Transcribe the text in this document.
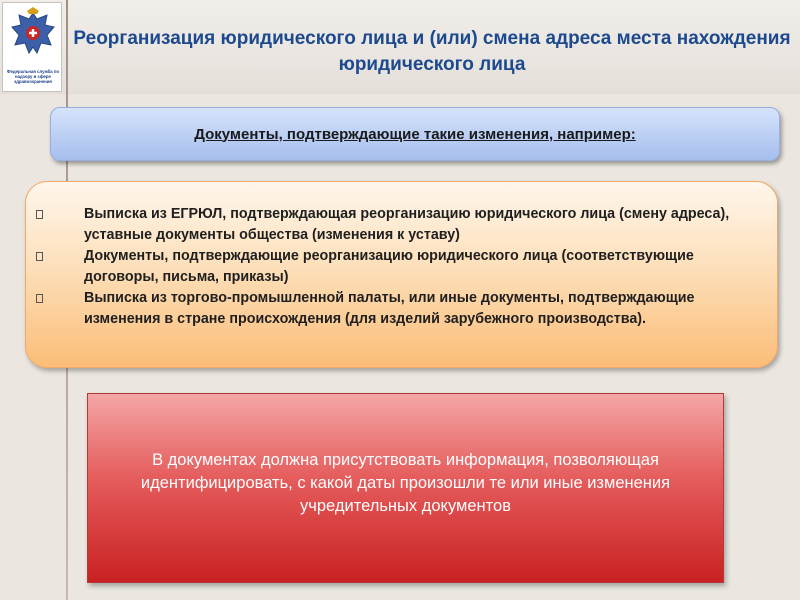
Федеральная служба по надзору в сфере здравоохранения
Реорганизация юридического лица и (или) смена адреса места нахождения юридического лица
Документы, подтверждающие такие изменения, например:
Выписка из ЕГРЮЛ, подтверждающая реорганизацию юридического лица (смену адреса), уставные документы общества (изменения к уставу)
Документы, подтверждающие реорганизацию юридического лица (соответствующие договоры, письма, приказы)
Выписка из торгово-промышленной палаты, или иные документы, подтверждающие изменения в стране происхождения (для изделий зарубежного производства).
В документах должна присутствовать информация, позволяющая идентифицировать, с какой даты произошли те или иные изменения учредительных документов
